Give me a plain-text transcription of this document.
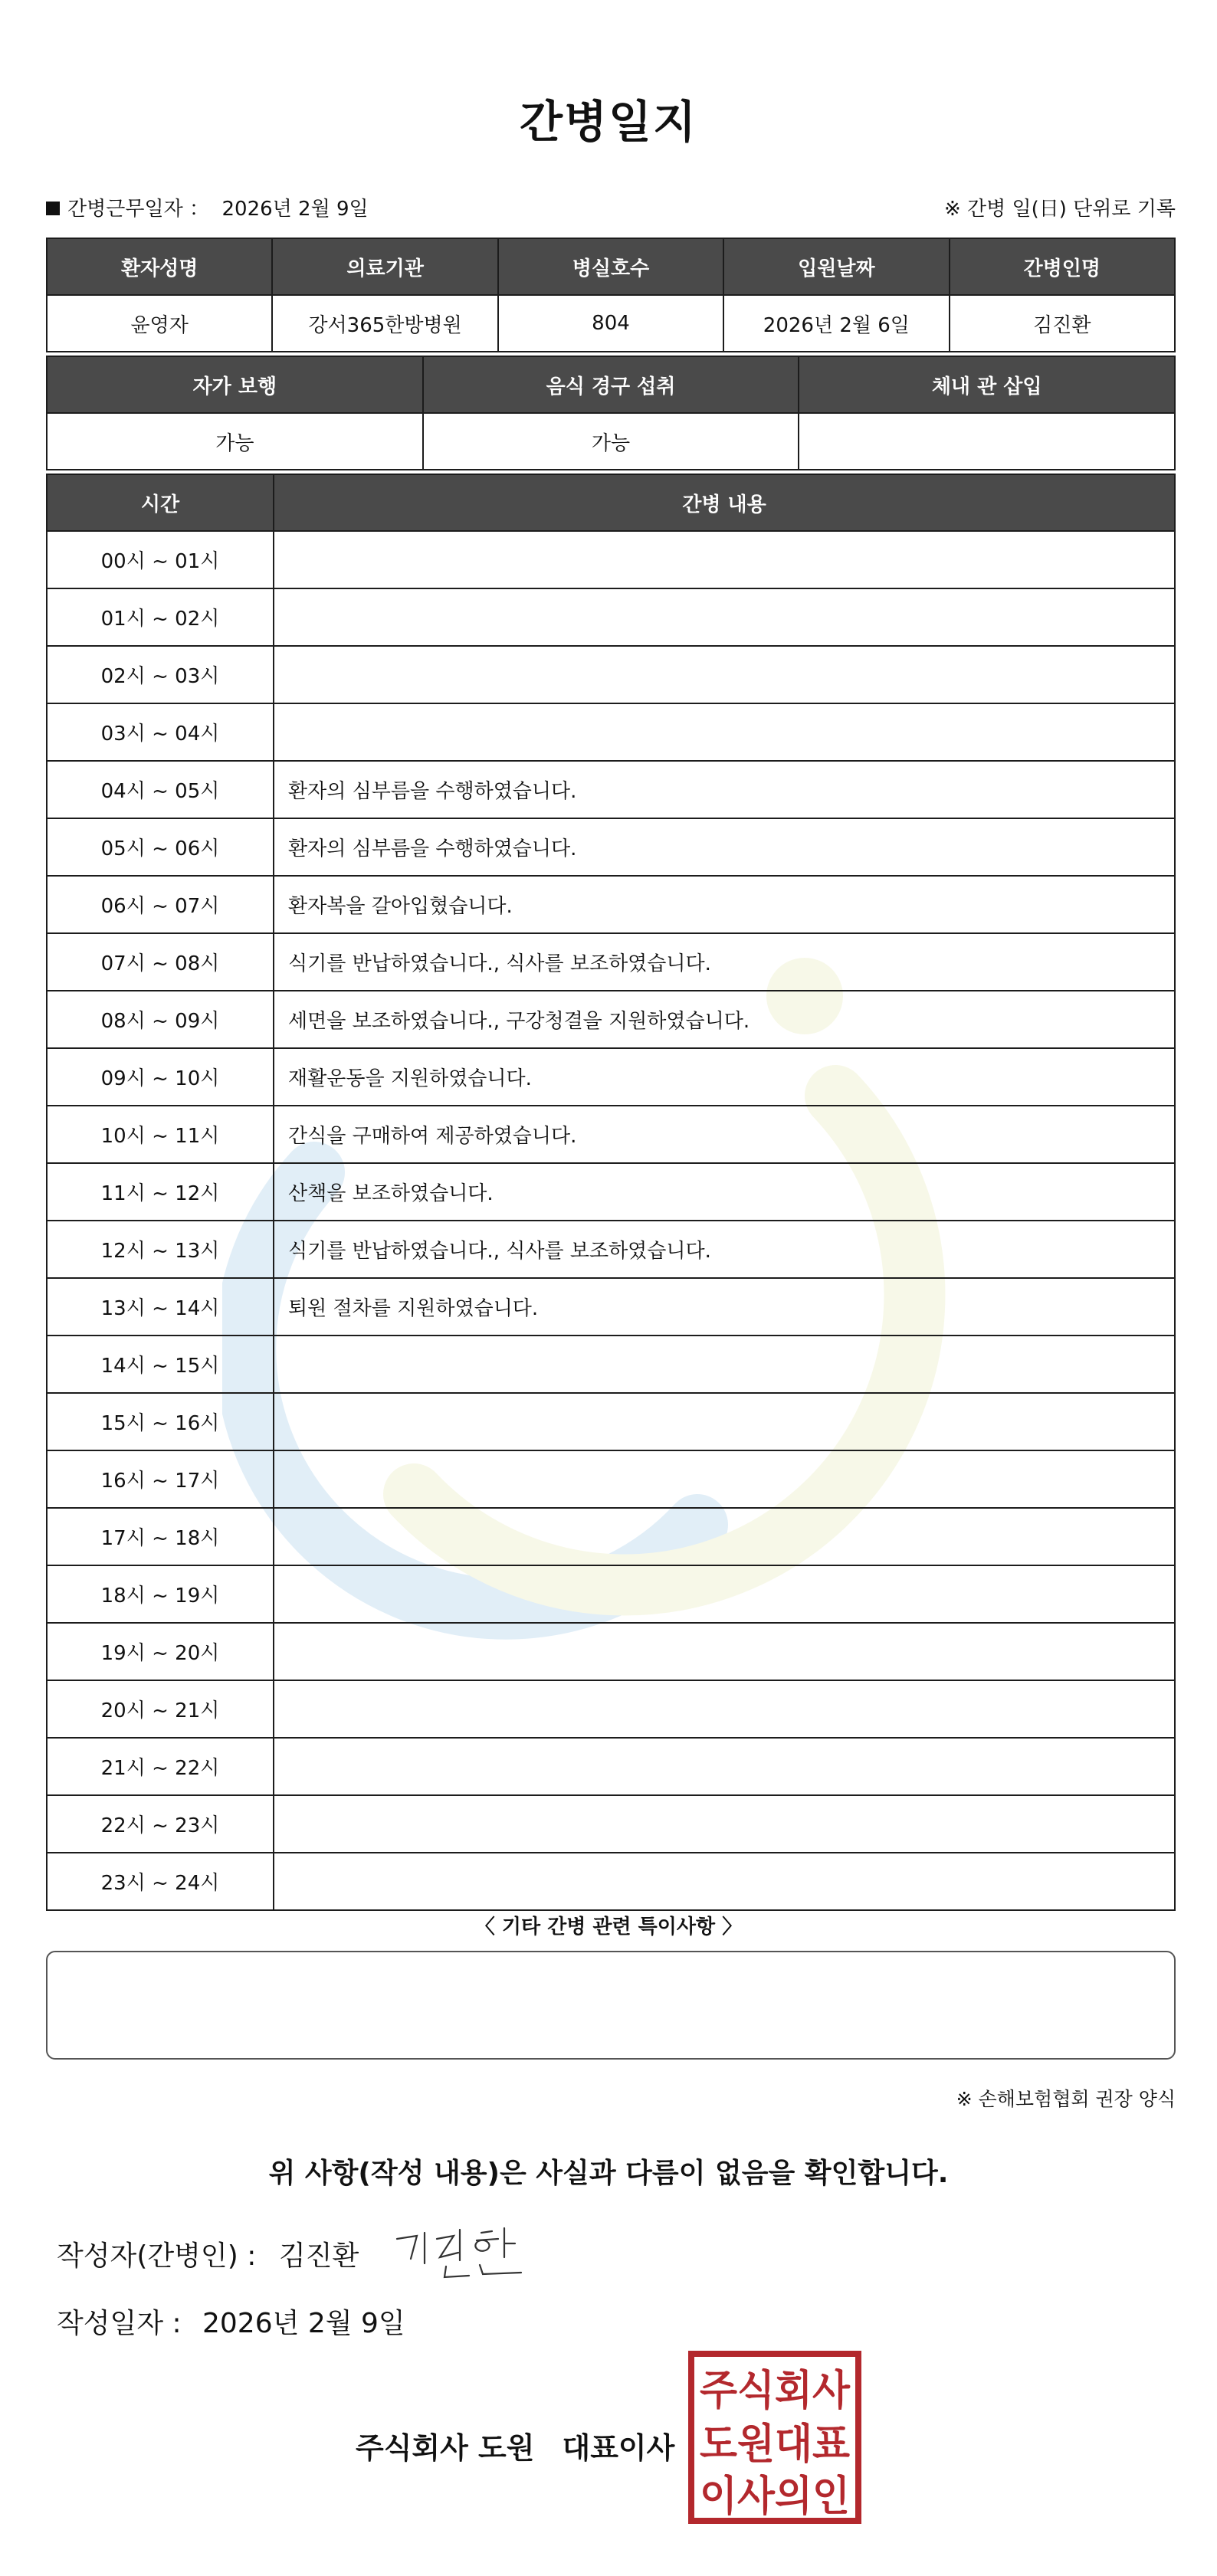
간병일지
간병근무일자 ： 2026년 2월 9일	※ 간병 일(日) 단위로 기록
환자성명	의료기관	병실호수	입원날짜	간병인명
윤영자	강서365한방병원	804	2026년 2월 6일	김진환
자가 보행	음식 경구 섭취	체내 관 삽입
가능	가능	
시간	간병 내용
00시 ~ 01시	
01시 ~ 02시	
02시 ~ 03시	
03시 ~ 04시	
04시 ~ 05시	환자의 심부름을 수행하였습니다.
05시 ~ 06시	환자의 심부름을 수행하였습니다.
06시 ~ 07시	환자복을 갈아입혔습니다.
07시 ~ 08시	식기를 반납하였습니다., 식사를 보조하였습니다.
08시 ~ 09시	세면을 보조하였습니다., 구강청결을 지원하였습니다.
09시 ~ 10시	재활운동을 지원하였습니다.
10시 ~ 11시	간식을 구매하여 제공하였습니다.
11시 ~ 12시	산책을 보조하였습니다.
12시 ~ 13시	식기를 반납하였습니다., 식사를 보조하였습니다.
13시 ~ 14시	퇴원 절차를 지원하였습니다.
14시 ~ 15시	
15시 ~ 16시	
16시 ~ 17시	
17시 ~ 18시	
18시 ~ 19시	
19시 ~ 20시	
20시 ~ 21시	
21시 ~ 22시	
22시 ~ 23시	
23시 ~ 24시	
〈 기타 간병 관련 특이사항 〉
※ 손해보험협회 권장 양식
위 사항(작성 내용)은 사실과 다름이 없음을 확인합니다.
작성자(간병인) : 김진환
작성일자 : 2026년 2월 9일
주식회사 도원 대표이사
주식회사
도원대표
이사의인
